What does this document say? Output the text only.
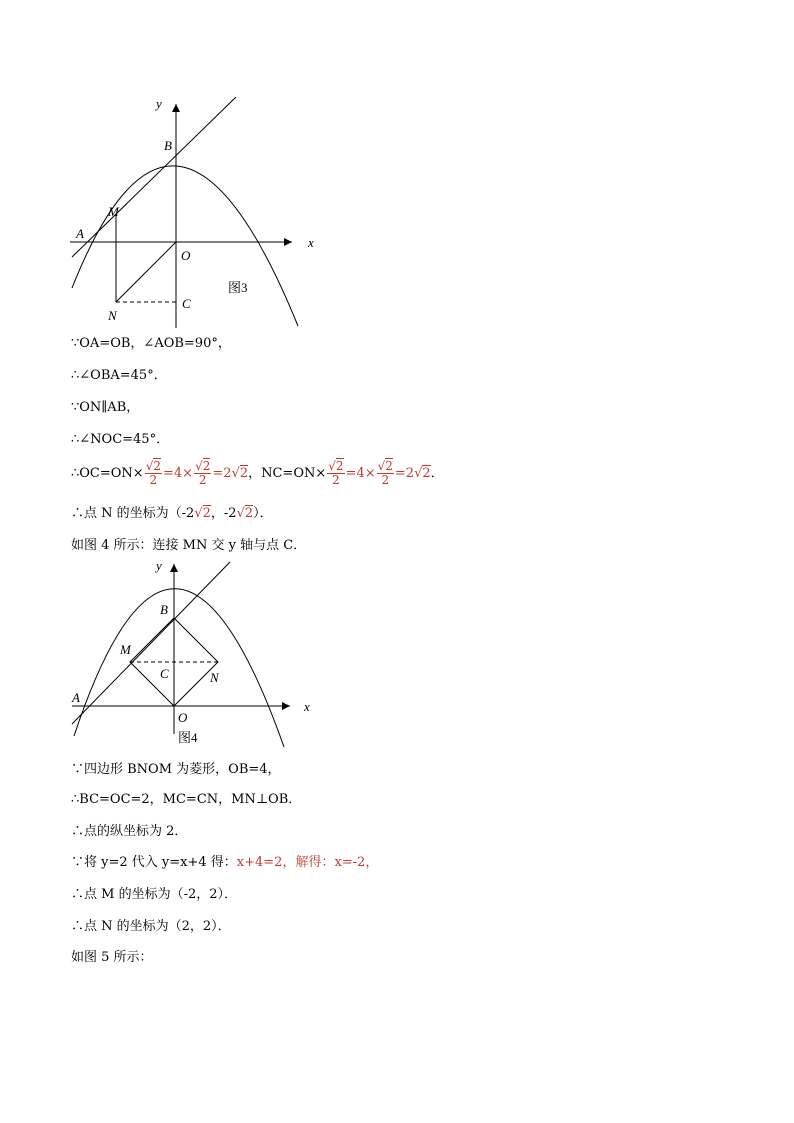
y
x
B
M
A
O
N
C
图3
∵OA=OB，∠AOB=90°，
∴∠OBA=45°．
∵ON∥AB，
∴∠NOC=45°．
∴OC=ON× $\frac{√2}{2} =4\times \frac{√2}{2} =2√2$，$NC=ON\times \frac{√2}{2} =4\times \frac{√2}{2} =2√2$．
∴点 N 的坐标为（-2√2，-2√2）．
如图 4 所示：连接 MN 交 y 轴与点 C．
y
x
B
M
C	N
A
O
图4
∵四边形 BNOM 为菱形，OB=4，
∴BC=OC=2，MC=CN，MN⊥OB．
∴点的纵坐标为 2．
∵将 y=2 代入 y=x+4 得：x+4=2，解得：x=-2，
∴点 M 的坐标为（-2，2）．
∴点 N 的坐标为（2，2）．
如图 5 所示：
